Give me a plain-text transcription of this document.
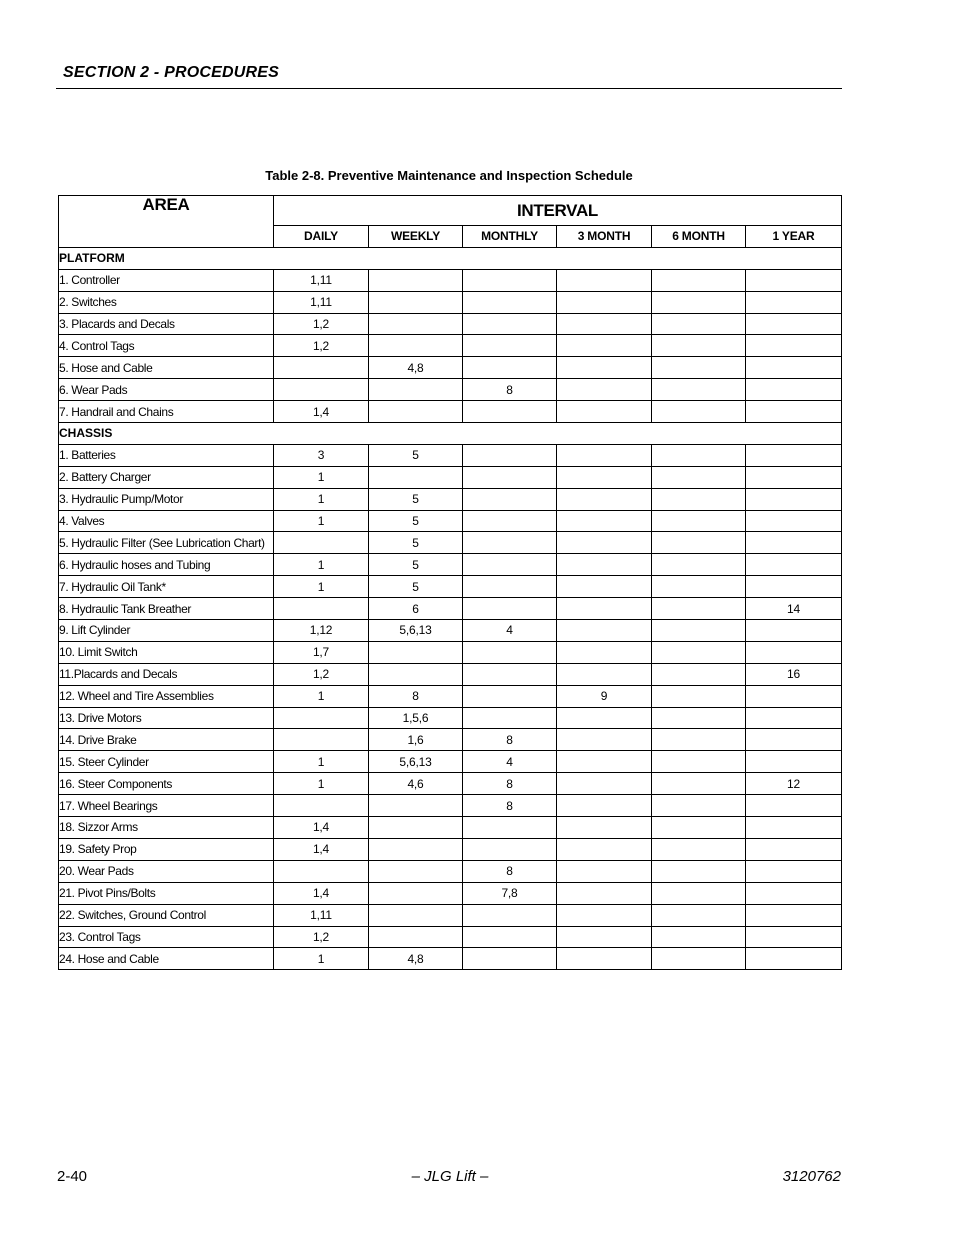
SECTION 2 - PROCEDURES
Table 2-8. Preventive Maintenance and Inspection Schedule
AREA	INTERVAL					
	DAILY	WEEKLY	MONTHLY	3 MONTH	6 MONTH	1 YEAR
PLATFORM						
1. Controller	1,11					
2. Switches	1,11					
3. Placards and Decals	1,2					
4. Control Tags	1,2					
5. Hose and Cable		4,8				
6. Wear Pads			8			
7. Handrail and Chains	1,4					
CHASSIS						
1. Batteries	3	5				
2. Battery Charger	1					
3. Hydraulic Pump/Motor	1	5				
4. Valves	1	5				
5. Hydraulic Filter (See Lubrication Chart)		5				
6. Hydraulic hoses and Tubing	1	5				
7. Hydraulic Oil Tank*	1	5				
8. Hydraulic Tank Breather		6				14
9. Lift Cylinder	1,12	5,6,13	4			
10. Limit Switch	1,7					
11.Placards and Decals	1,2					16
12. Wheel and Tire Assemblies	1	8		9		
13. Drive Motors		1,5,6				
14. Drive Brake		1,6	8			
15. Steer Cylinder	1	5,6,13	4			
16. Steer Components	1	4,6	8			12
17. Wheel Bearings			8			
18. Sizzor Arms	1,4					
19. Safety Prop	1,4					
20. Wear Pads			8			
21. Pivot Pins/Bolts	1,4		7,8			
22. Switches, Ground Control	1,11					
23. Control Tags	1,2					
24. Hose and Cable	1	4,8				
2-40	– JLG Lift –	3120762
